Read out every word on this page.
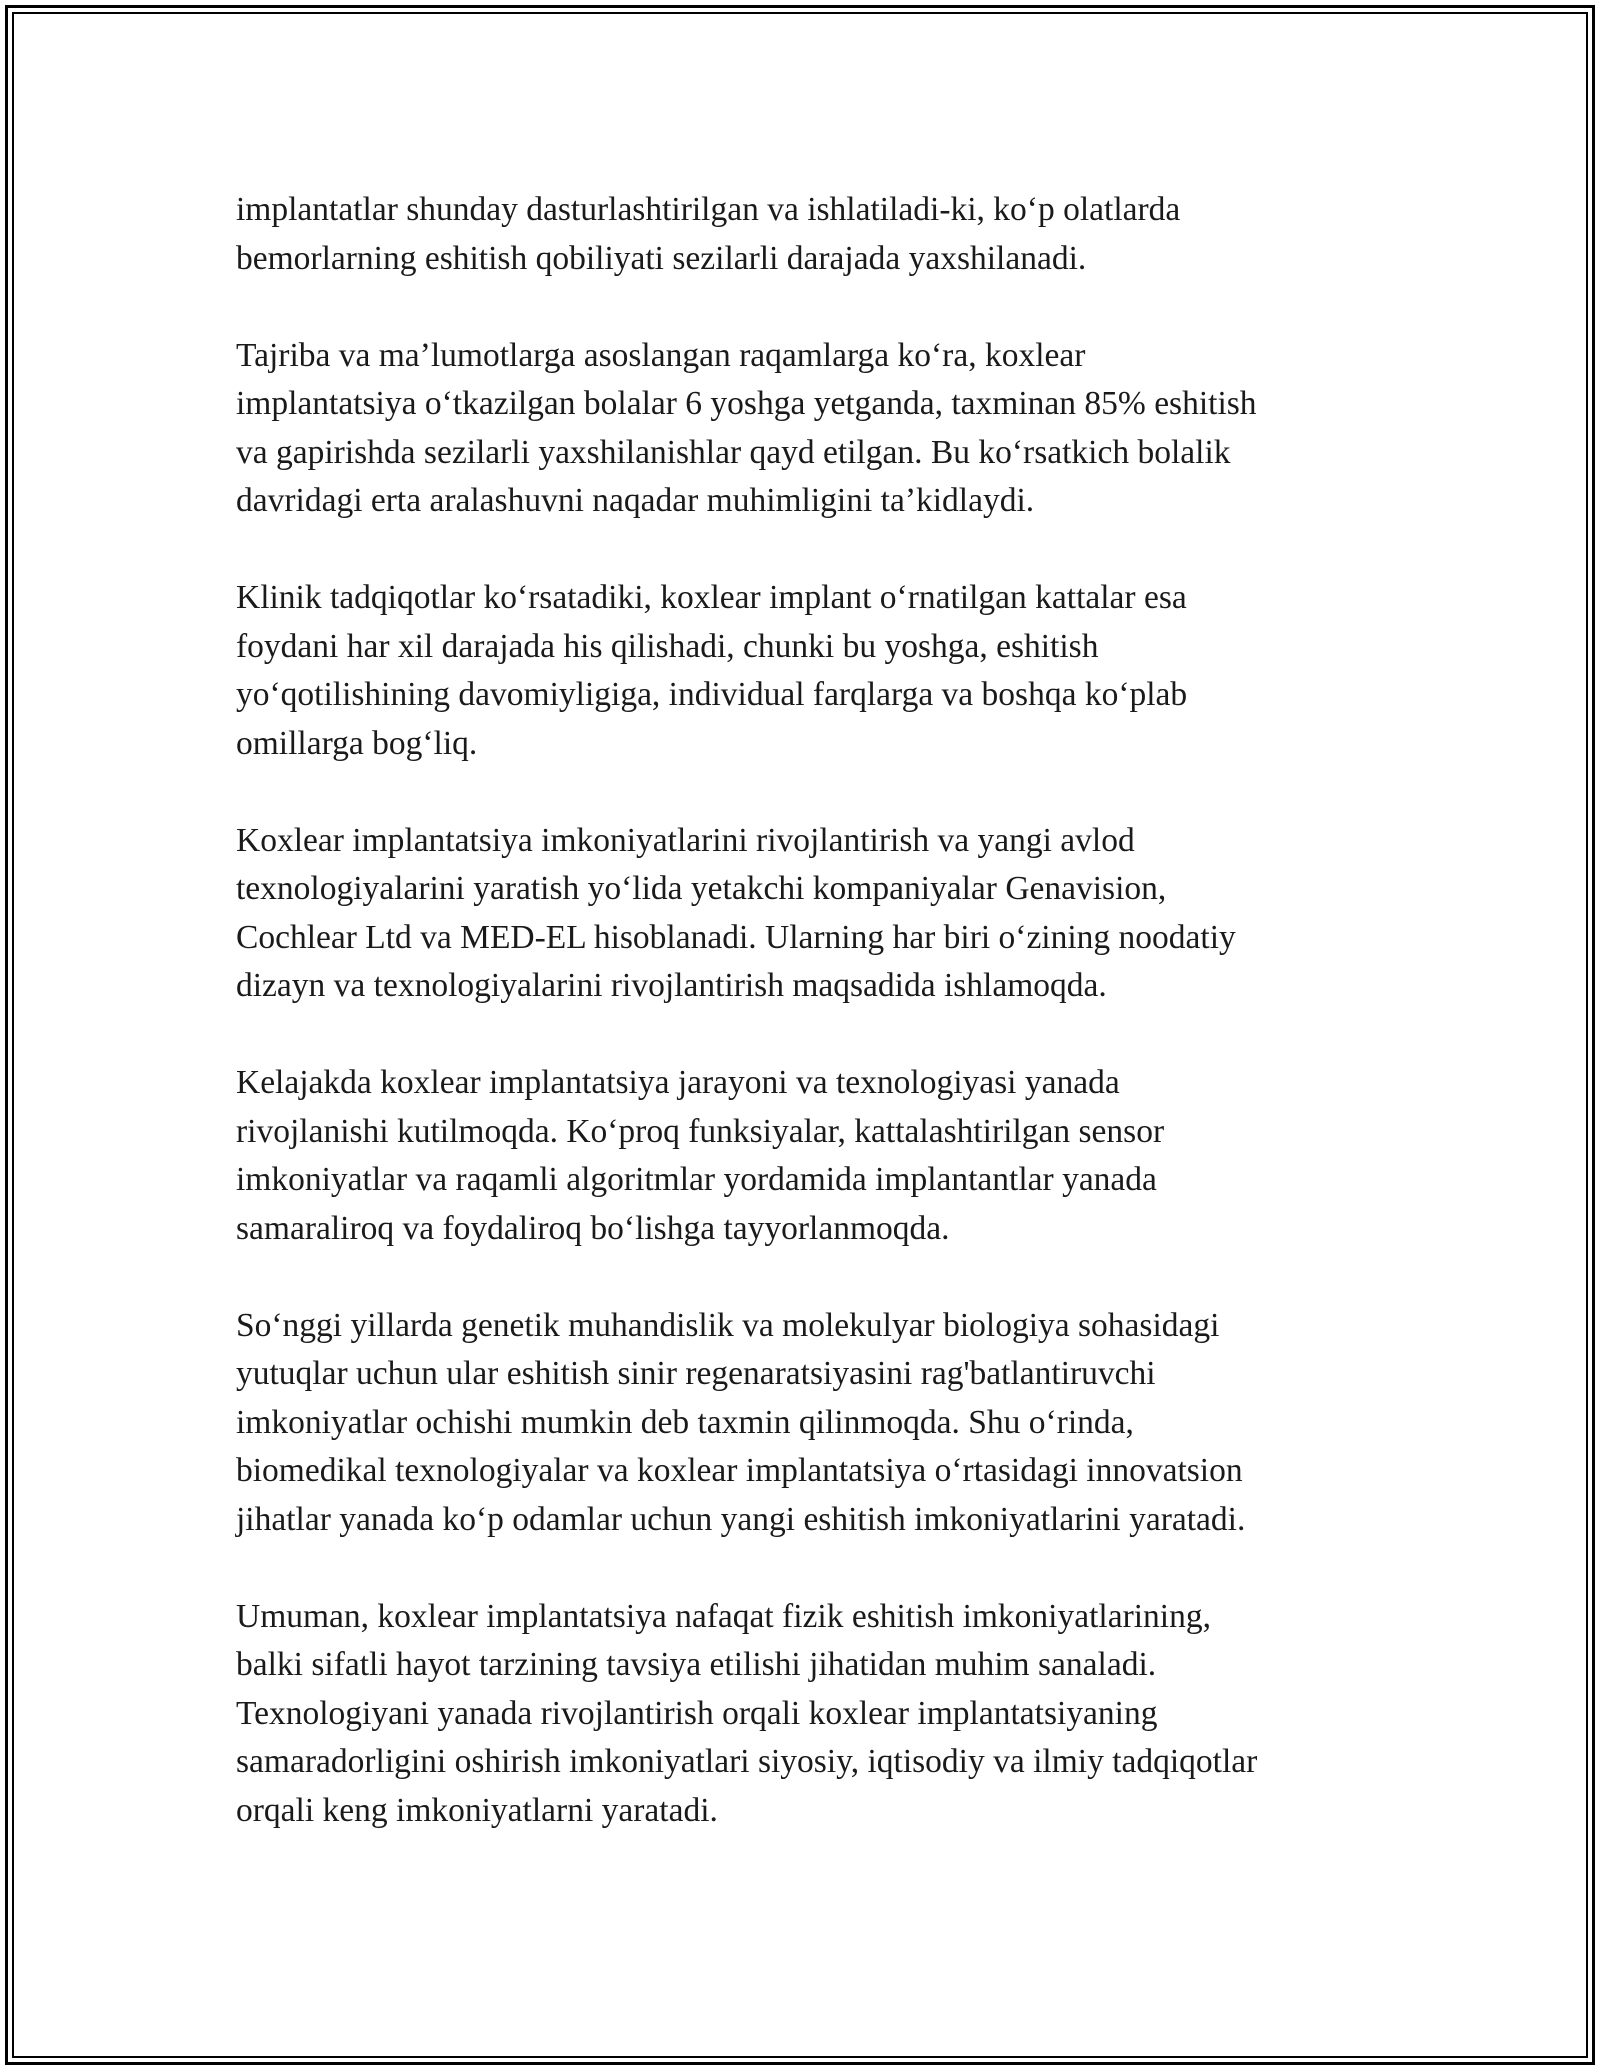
implantatlar shunday dasturlashtirilgan va ishlatiladi-ki, koʻp olatlarda
bemorlarning eshitish qobiliyati sezilarli darajada yaxshilanadi.

Tajriba va maʼlumotlarga asoslangan raqamlarga koʻra, koxlear
implantatsiya oʻtkazilgan bolalar 6 yoshga yetganda, taxminan 85% eshitish
va gapirishda sezilarli yaxshilanishlar qayd etilgan. Bu koʻrsatkich bolalik
davridagi erta aralashuvni naqadar muhimligini taʼkidlaydi.

Klinik tadqiqotlar koʻrsatadiki, koxlear implant oʻrnatilgan kattalar esa
foydani har xil darajada his qilishadi, chunki bu yoshga, eshitish
yoʻqotilishining davomiyligiga, individual farqlarga va boshqa koʻplab
omillarga bogʻliq.

Koxlear implantatsiya imkoniyatlarini rivojlantirish va yangi avlod
texnologiyalarini yaratish yoʻlida yetakchi kompaniyalar Genavision,
Cochlear Ltd va MED-EL hisoblanadi. Ularning har biri oʻzining noodatiy
dizayn va texnologiyalarini rivojlantirish maqsadida ishlamoqda.

Kelajakda koxlear implantatsiya jarayoni va texnologiyasi yanada
rivojlanishi kutilmoqda. Koʻproq funksiyalar, kattalashtirilgan sensor
imkoniyatlar va raqamli algoritmlar yordamida implantantlar yanada
samaraliroq va foydaliroq boʻlishga tayyorlanmoqda.

Soʻnggi yillarda genetik muhandislik va molekulyar biologiya sohasidagi
yutuqlar uchun ular eshitish sinir regenaratsiyasini rag'batlantiruvchi
imkoniyatlar ochishi mumkin deb taxmin qilinmoqda. Shu oʻrinda,
biomedikal texnologiyalar va koxlear implantatsiya oʻrtasidagi innovatsion
jihatlar yanada koʻp odamlar uchun yangi eshitish imkoniyatlarini yaratadi.

Umuman, koxlear implantatsiya nafaqat fizik eshitish imkoniyatlarining,
balki sifatli hayot tarzining tavsiya etilishi jihatidan muhim sanaladi.
Texnologiyani yanada rivojlantirish orqali koxlear implantatsiyaning
samaradorligini oshirish imkoniyatlari siyosiy, iqtisodiy va ilmiy tadqiqotlar
orqali keng imkoniyatlarni yaratadi.
